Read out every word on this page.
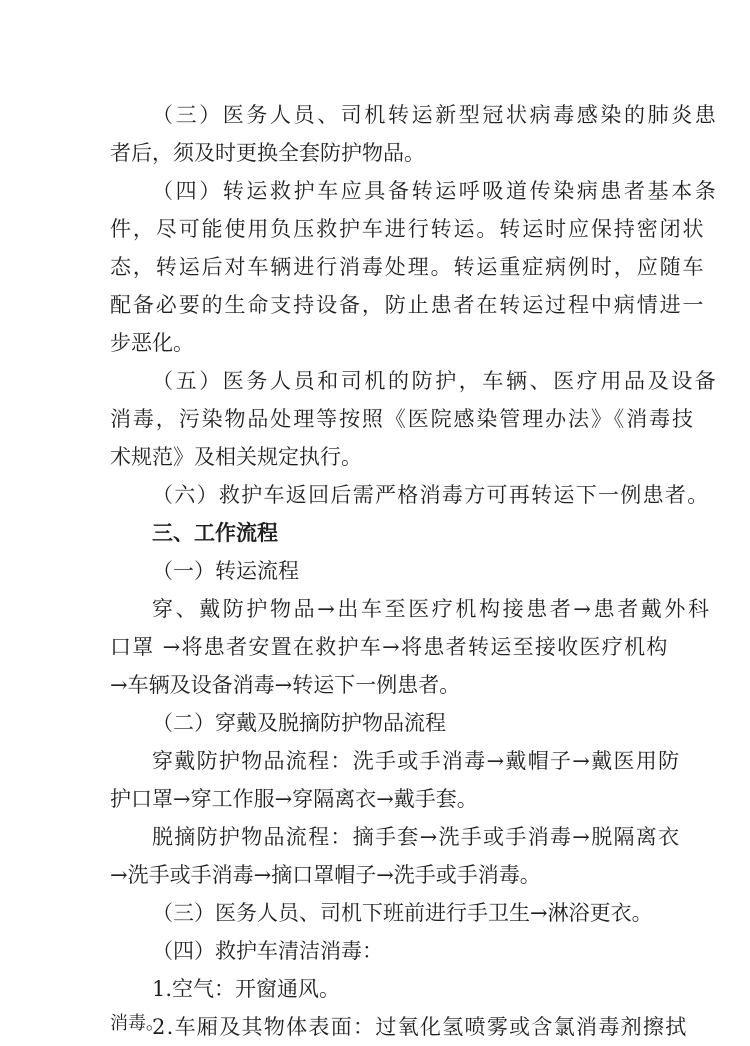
（三）医务人员、司机转运新型冠状病毒感染的肺炎患
者后，须及时更换全套防护物品。
（四）转运救护车应具备转运呼吸道传染病患者基本条
件，尽可能使用负压救护车进行转运。转运时应保持密闭状
态，转运后对车辆进行消毒处理。转运重症病例时，应随车
配备必要的生命支持设备，防止患者在转运过程中病情进一
步恶化。
（五）医务人员和司机的防护，车辆、医疗用品及设备
消毒，污染物品处理等按照《医院感染管理办法》《消毒技
术规范》及相关规定执行。
（六）救护车返回后需严格消毒方可再转运下一例患者。
三、工作流程
（一）转运流程
穿、戴防护物品→出车至医疗机构接患者→患者戴外科
口罩 →将患者安置在救护车→将患者转运至接收医疗机构
→车辆及设备消毒→转运下一例患者。
（二）穿戴及脱摘防护物品流程
穿戴防护物品流程：洗手或手消毒→戴帽子→戴医用防
护口罩→穿工作服→穿隔离衣→戴手套。
脱摘防护物品流程：摘手套→洗手或手消毒→脱隔离衣
→洗手或手消毒→摘口罩帽子→洗手或手消毒。
（三）医务人员、司机下班前进行手卫生→淋浴更衣。
（四）救护车清洁消毒：
1.空气：开窗通风。
2.车厢及其物体表面：过氧化氢喷雾或含氯消毒剂擦拭
消毒。
